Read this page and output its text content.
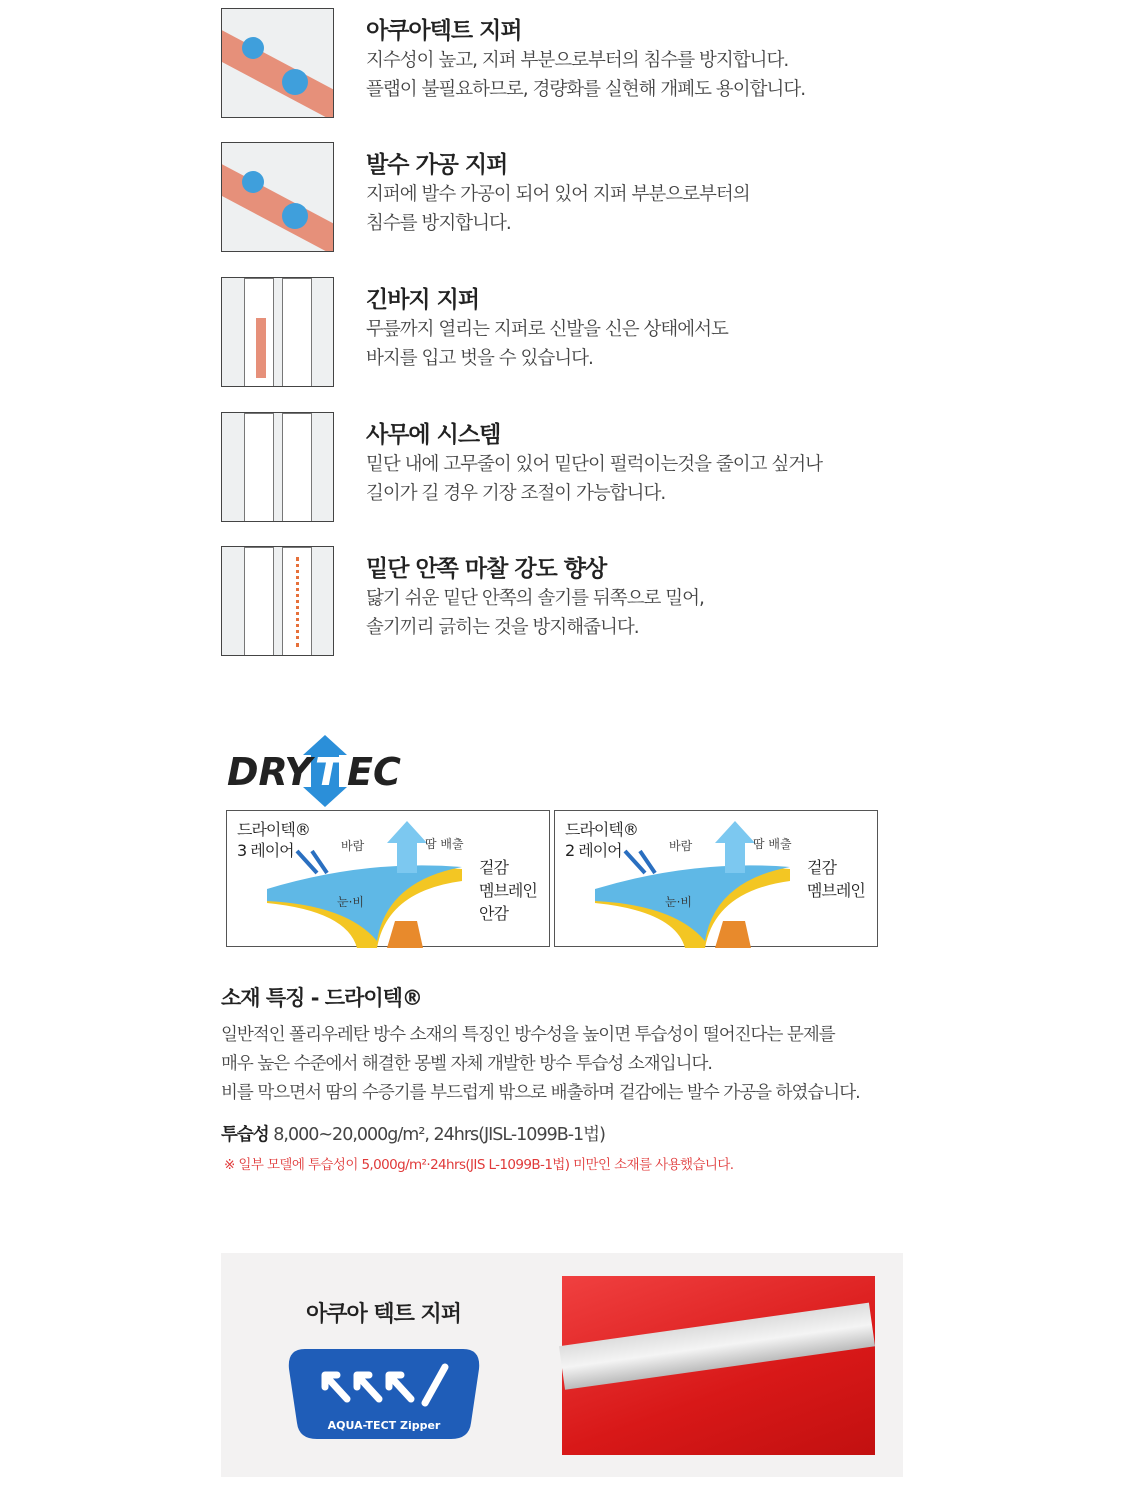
아쿠아텍트 지퍼
지수성이 높고, 지퍼 부분으로부터의 침수를 방지합니다.
플랩이 불필요하므로, 경량화를 실현해 개폐도 용이합니다.
발수 가공 지퍼
지퍼에 발수 가공이 되어 있어 지퍼 부분으로부터의
침수를 방지합니다.
긴바지 지퍼
무릎까지 열리는 지퍼로 신발을 신은 상태에서도
바지를 입고 벗을 수 있습니다.
사무에 시스템
밑단 내에 고무줄이 있어 밑단이 펄럭이는것을 줄이고 싶거나
길이가 길 경우 기장 조절이 가능합니다.
밑단 안쪽 마찰 강도 향상
닳기 쉬운 밑단 안쪽의 솔기를 뒤쪽으로 밀어,
솔기끼리 긁히는 것을 방지해줍니다.
DRY T EC
드라이텍®
3 레이어	바람	땀 배출
눈·비
겉감
멤브레인
안감
드라이텍®
2 레이어	바람	땀 배출
눈·비
겉감
멤브레인
소재 특징 - 드라이텍®
일반적인 폴리우레탄 방수 소재의 특징인 방수성을 높이면 투습성이 떨어진다는 문제를
매우 높은 수준에서 해결한 몽벨 자체 개발한 방수 투습성 소재입니다.
비를 막으면서 땀의 수증기를 부드럽게 밖으로 배출하며 겉감에는 발수 가공을 하였습니다.
투습성 8,000~20,000g/m², 24hrs(JISL-1099B-1법)
※ 일부 모델에 투습성이 5,000g/m²·24hrs(JIS L-1099B-1법) 미만인 소재를 사용했습니다.
아쿠아 텍트 지퍼
AQUA-TECT Zipper
